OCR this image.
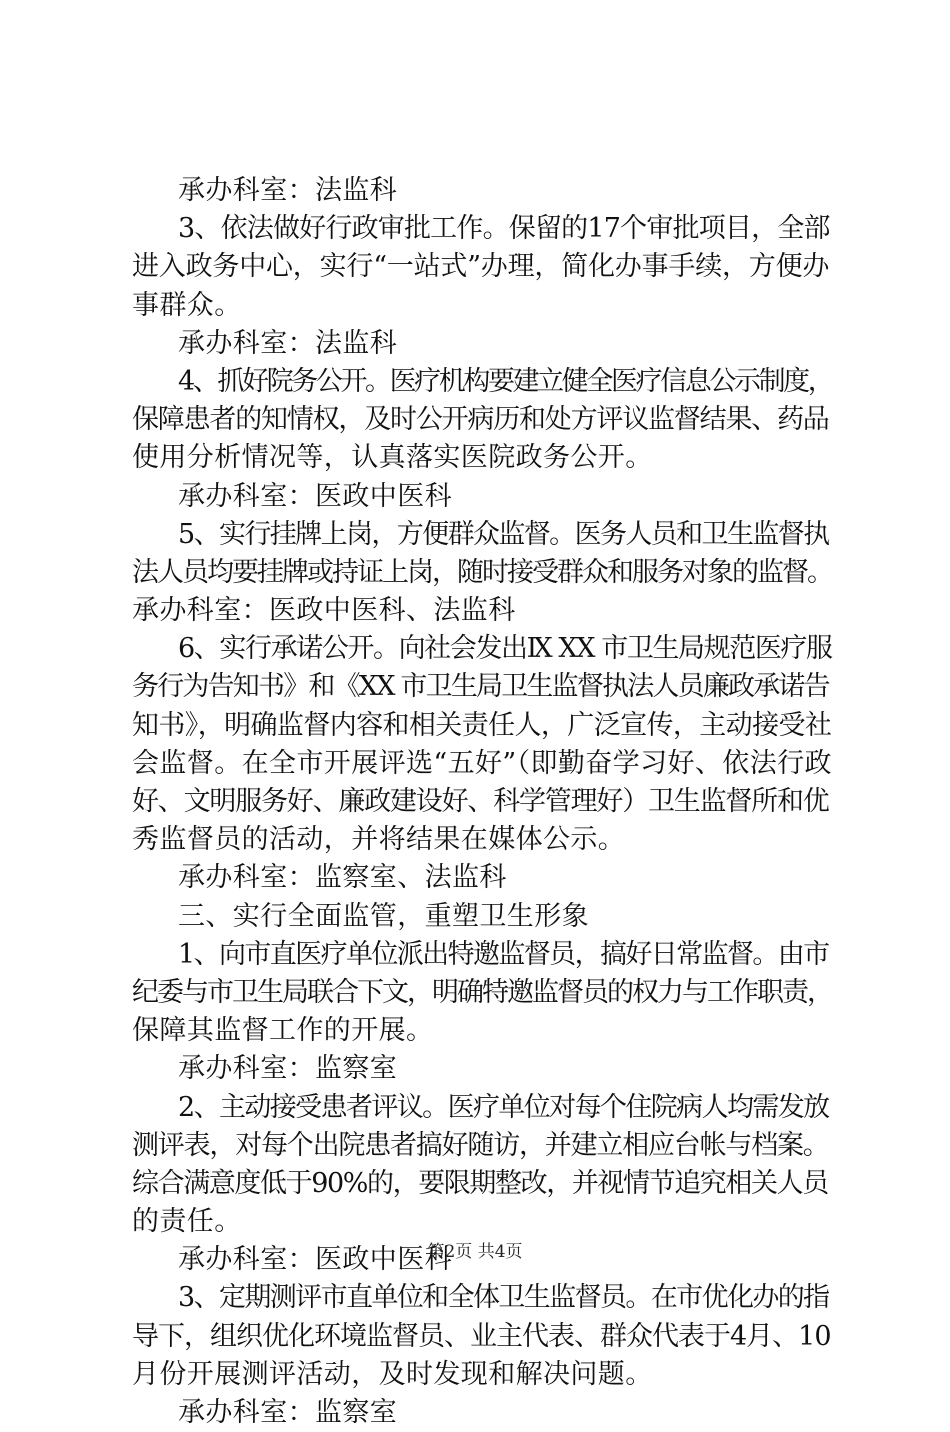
承办科室：法监科
3、依法做好行政审批工作。保留的17个审批项目，全部
进入政务中心，实行“一站式”办理，简化办事手续，方便办
事群众。
承办科室：法监科
4、抓好院务公开。医疗机构要建立健全医疗信息公示制度，
保障患者的知情权，及时公开病历和处方评议监督结果、药品
使用分析情况等，认真落实医院政务公开。
承办科室：医政中医科
5、实行挂牌上岗，方便群众监督。医务人员和卫生监督执
法人员均要挂牌或持证上岗，随时接受群众和服务对象的监督。
承办科室：医政中医科、法监科
6、实行承诺公开。向社会发出Ⅸ XX 市卫生局规范医疗服
务行为告知书》和《XX 市卫生局卫生监督执法人员廉政承诺告
知书》，明确监督内容和相关责任人，广泛宣传，主动接受社
会监督。在全市开展评选“五好”（即勤奋学习好、依法行政
好、文明服务好、廉政建设好、科学管理好）卫生监督所和优
秀监督员的活动，并将结果在媒体公示。
承办科室：监察室、法监科
三、实行全面监管，重塑卫生形象
1、向市直医疗单位派出特邀监督员，搞好日常监督。由市
纪委与市卫生局联合下文，明确特邀监督员的权力与工作职责，
保障其监督工作的开展。
承办科室：监察室
2、主动接受患者评议。医疗单位对每个住院病人均需发放
测评表，对每个出院患者搞好随访，并建立相应台帐与档案。
综合满意度低于90%的，要限期整改，并视情节追究相关人员
的责任。
承办科室：医政中医科
3、定期测评市直单位和全体卫生监督员。在市优化办的指
导下，组织优化环境监督员、业主代表、群众代表于4月、10
月份开展测评活动，及时发现和解决问题。
承办科室：监察室
第2页 共4页
